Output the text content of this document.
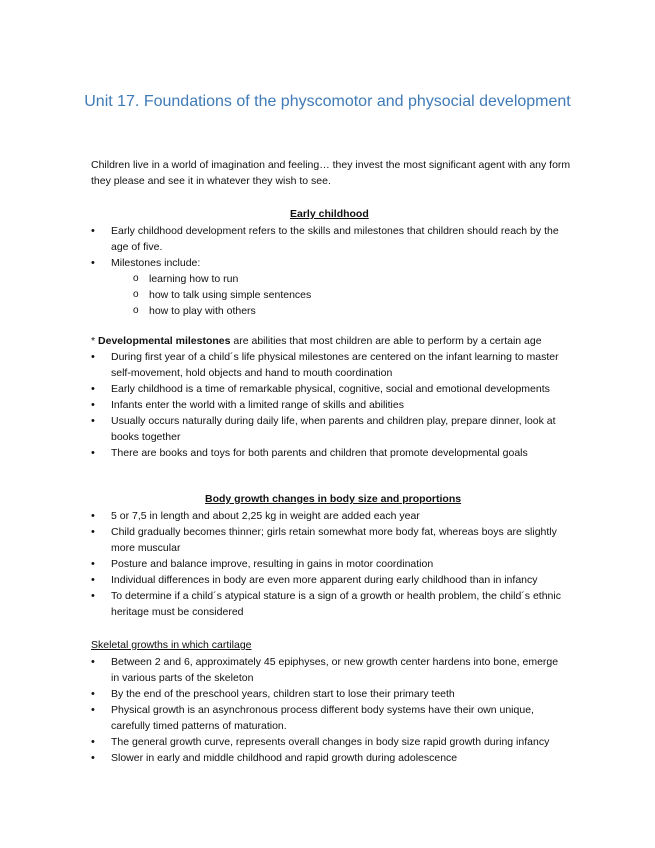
Unit 17. Foundations of the physcomotor and physocial development
Children live in a world of imagination and feeling… they invest the most significant agent with any form they please and see it in whatever they wish to see.
Early childhood
• Early childhood development refers to the skills and milestones that children should reach by the age of five.
• Milestones include:
o learning how to run
o how to talk using simple sentences
o how to play with others
* Developmental milestones are abilities that most children are able to perform by a certain age
• During first year of a child´s life physical milestones are centered on the infant learning to master self-movement, hold objects and hand to mouth coordination
• Early childhood is a time of remarkable physical, cognitive, social and emotional developments
• Infants enter the world with a limited range of skills and abilities
• Usually occurs naturally during daily life, when parents and children play, prepare dinner, look at books together
• There are books and toys for both parents and children that promote developmental goals
Body growth changes in body size and proportions
• 5 or 7,5 in length and about 2,25 kg in weight are added each year
• Child gradually becomes thinner; girls retain somewhat more body fat, whereas boys are slightly more muscular
• Posture and balance improve, resulting in gains in motor coordination
• Individual differences in body are even more apparent during early childhood than in infancy
• To determine if a child´s atypical stature is a sign of a growth or health problem, the child´s ethnic heritage must be considered
Skeletal growths in which cartilage
• Between 2 and 6, approximately 45 epiphyses, or new growth center hardens into bone, emerge in various parts of the skeleton
• By the end of the preschool years, children start to lose their primary teeth
• Physical growth is an asynchronous process different body systems have their own unique, carefully timed patterns of maturation.
• The general growth curve, represents overall changes in body size rapid growth during infancy
• Slower in early and middle childhood and rapid growth during adolescence
